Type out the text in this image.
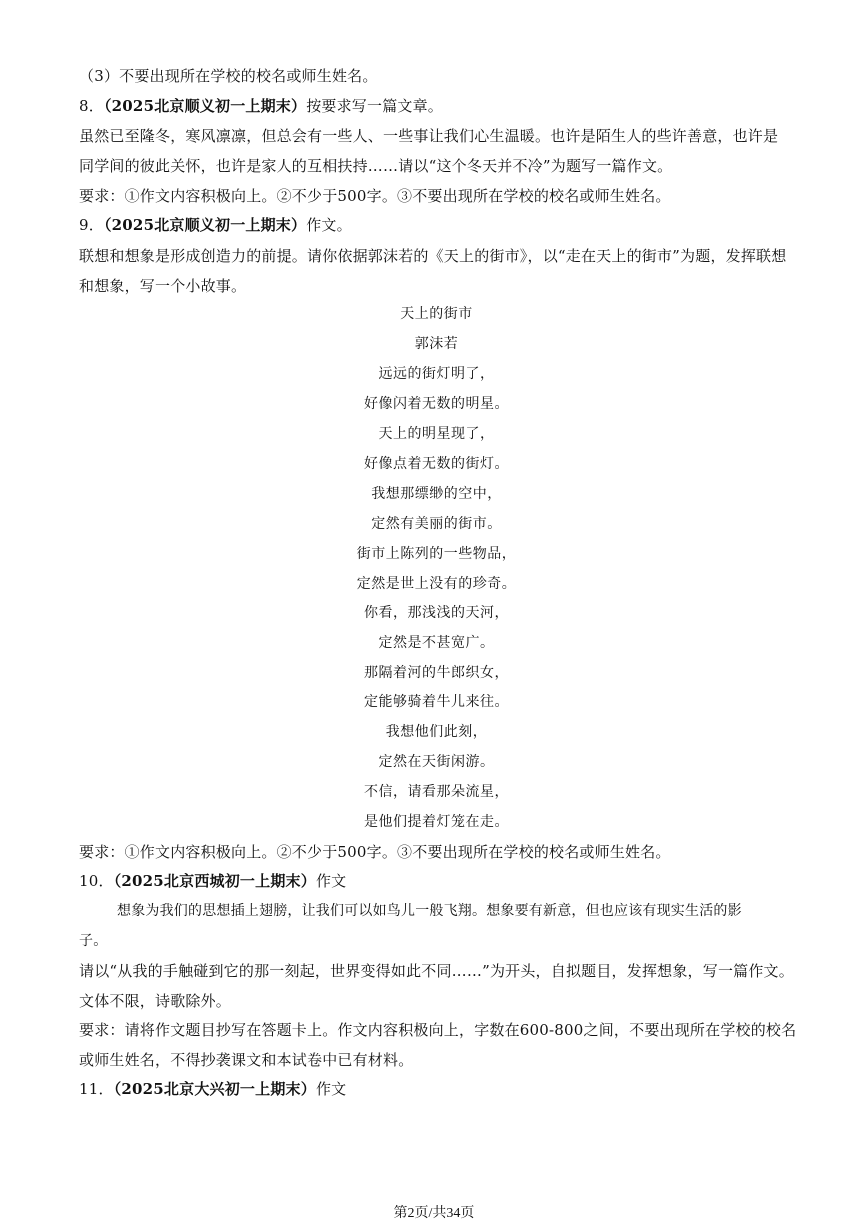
（3）不要出现所在学校的校名或师生姓名。
8．（2025北京顺义初一上期末）按要求写一篇文章。
虽然已至隆冬，寒风凛凛，但总会有一些人、一些事让我们心生温暖。也许是陌生人的些许善意，也许是
同学间的彼此关怀，也许是家人的互相扶持……请以“这个冬天并不冷”为题写一篇作文。
要求：①作文内容积极向上。②不少于500字。③不要出现所在学校的校名或师生姓名。
9．（2025北京顺义初一上期末）作文。
联想和想象是形成创造力的前提。请你依据郭沫若的《天上的街市》，以“走在天上的街市”为题，发挥联想
和想象，写一个小故事。
天上的街市
郭沫若
远远的街灯明了，
好像闪着无数的明星。
天上的明星现了，
好像点着无数的街灯。
我想那缥缈的空中，
定然有美丽的街市。
街市上陈列的一些物品，
定然是世上没有的珍奇。
你看，那浅浅的天河，
定然是不甚宽广。
那隔着河的牛郎织女，
定能够骑着牛儿来往。
我想他们此刻，
定然在天街闲游。
不信，请看那朵流星，
是他们提着灯笼在走。
要求：①作文内容积极向上。②不少于500字。③不要出现所在学校的校名或师生姓名。
10．（2025北京西城初一上期末）作文
想象为我们的思想插上翅膀，让我们可以如鸟儿一般飞翔。想象要有新意，但也应该有现实生活的影
子。
请以“从我的手触碰到它的那一刻起，世界变得如此不同……”为开头，自拟题目，发挥想象，写一篇作文。
文体不限，诗歌除外。
要求：请将作文题目抄写在答题卡上。作文内容积极向上，字数在600-800之间，不要出现所在学校的校名
或师生姓名，不得抄袭课文和本试卷中已有材料。
11．（2025北京大兴初一上期末）作文
第2页/共34页
